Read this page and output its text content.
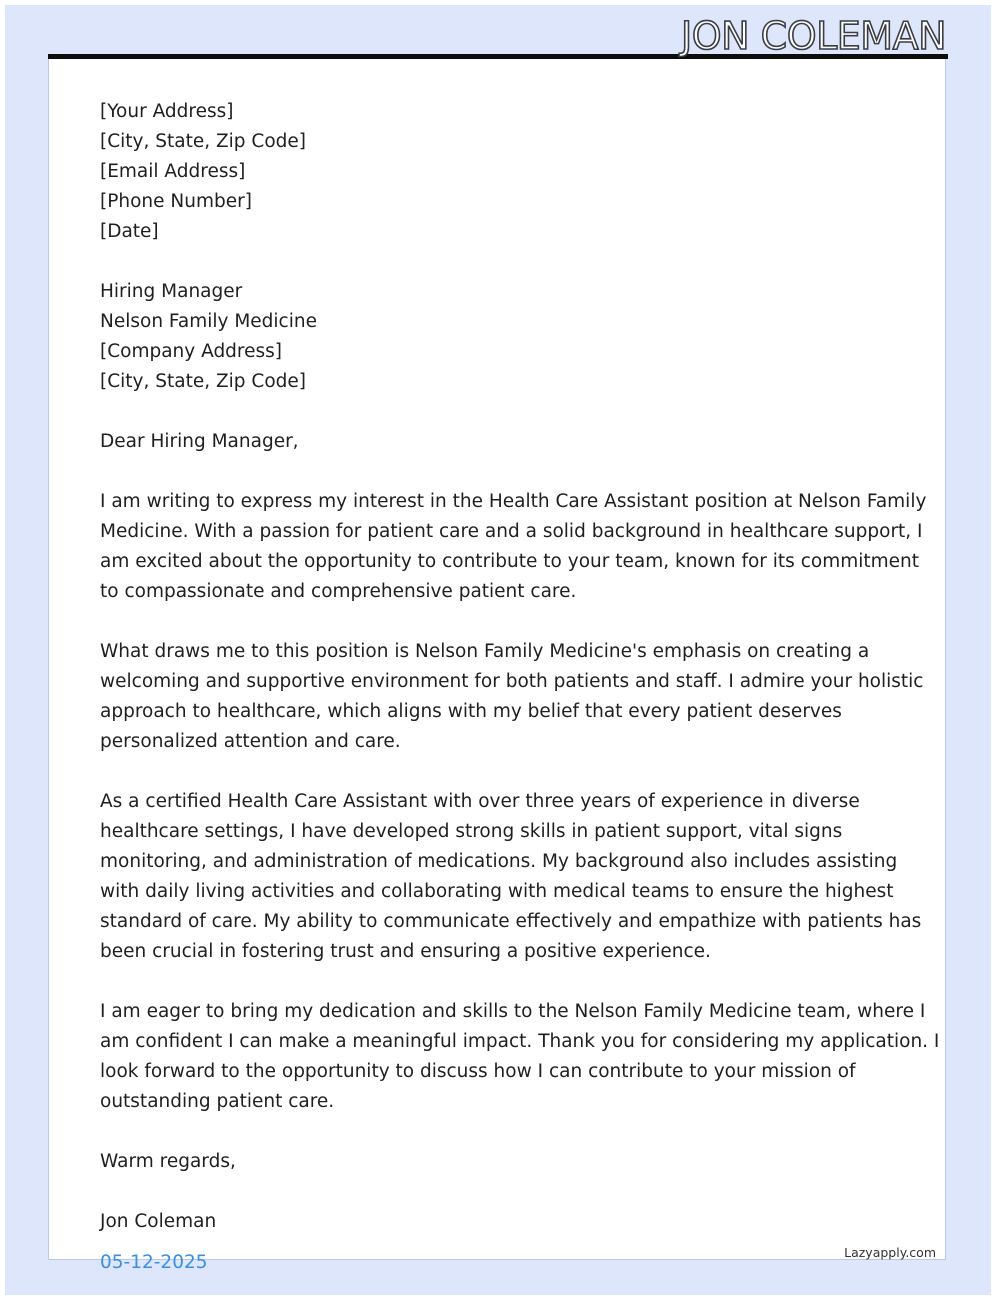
JON COLEMAN
[Your Address]
[City, State, Zip Code]
[Email Address]
[Phone Number]
[Date]
Hiring Manager
Nelson Family Medicine
[Company Address]
[City, State, Zip Code]
Dear Hiring Manager,
I am writing to express my interest in the Health Care Assistant position at Nelson Family
Medicine. With a passion for patient care and a solid background in healthcare support, I
am excited about the opportunity to contribute to your team, known for its commitment
to compassionate and comprehensive patient care.
What draws me to this position is Nelson Family Medicine's emphasis on creating a
welcoming and supportive environment for both patients and staff. I admire your holistic
approach to healthcare, which aligns with my belief that every patient deserves
personalized attention and care.
As a certified Health Care Assistant with over three years of experience in diverse
healthcare settings, I have developed strong skills in patient support, vital signs
monitoring, and administration of medications. My background also includes assisting
with daily living activities and collaborating with medical teams to ensure the highest
standard of care. My ability to communicate effectively and empathize with patients has
been crucial in fostering trust and ensuring a positive experience.
I am eager to bring my dedication and skills to the Nelson Family Medicine team, where I
am confident I can make a meaningful impact. Thank you for considering my application. I
look forward to the opportunity to discuss how I can contribute to your mission of
outstanding patient care.
Warm regards,
Jon Coleman
05-12-2025	Lazyapply.com
